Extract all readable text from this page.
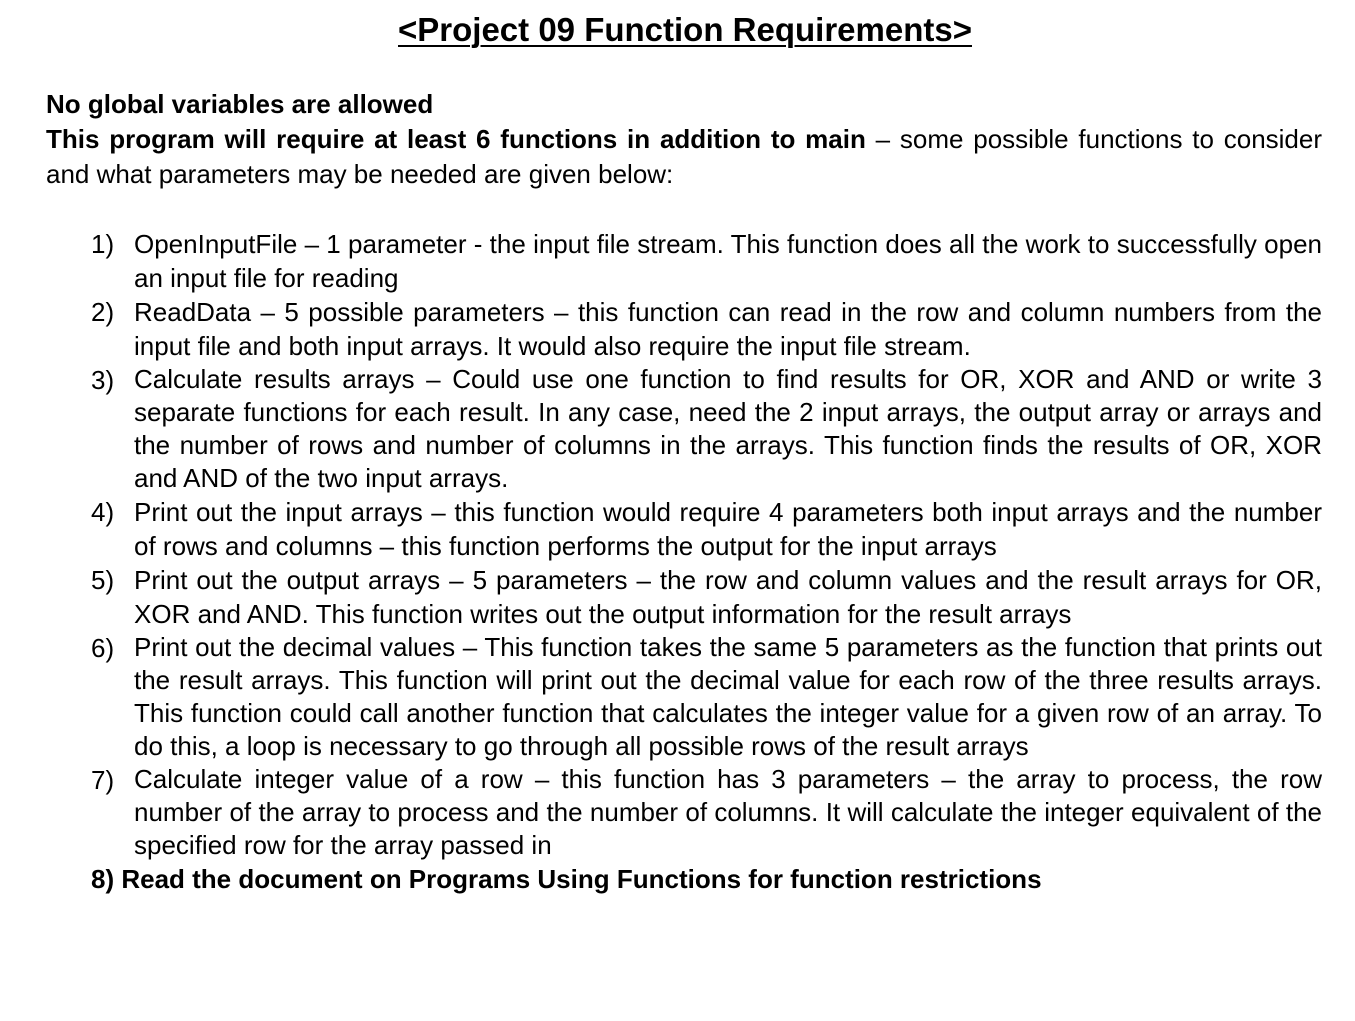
<Project 09 Function Requirements>
No global variables are allowed
This program will require at least 6 functions in addition to main – some possible functions to consider and what parameters may be needed are given below:
1) OpenInputFile – 1 parameter - the input file stream. This function does all the work to successfully open an input file for reading
2) ReadData – 5 possible parameters – this function can read in the row and column numbers from the input file and both input arrays. It would also require the input file stream.
3) Calculate results arrays – Could use one function to find results for OR, XOR and AND or write 3 separate functions for each result. In any case, need the 2 input arrays, the output array or arrays and the number of rows and number of columns in the arrays. This function finds the results of OR, XOR and AND of the two input arrays.
4) Print out the input arrays – this function would require 4 parameters both input arrays and the number of rows and columns – this function performs the output for the input arrays
5) Print out the output arrays – 5 parameters – the row and column values and the result arrays for OR, XOR and AND. This function writes out the output information for the result arrays
6) Print out the decimal values – This function takes the same 5 parameters as the function that prints out the result arrays. This function will print out the decimal value for each row of the three results arrays. This function could call another function that calculates the integer value for a given row of an array. To do this, a loop is necessary to go through all possible rows of the result arrays
7) Calculate integer value of a row – this function has 3 parameters – the array to process, the row number of the array to process and the number of columns. It will calculate the integer equivalent of the specified row for the array passed in
8) Read the document on Programs Using Functions for function restrictions
